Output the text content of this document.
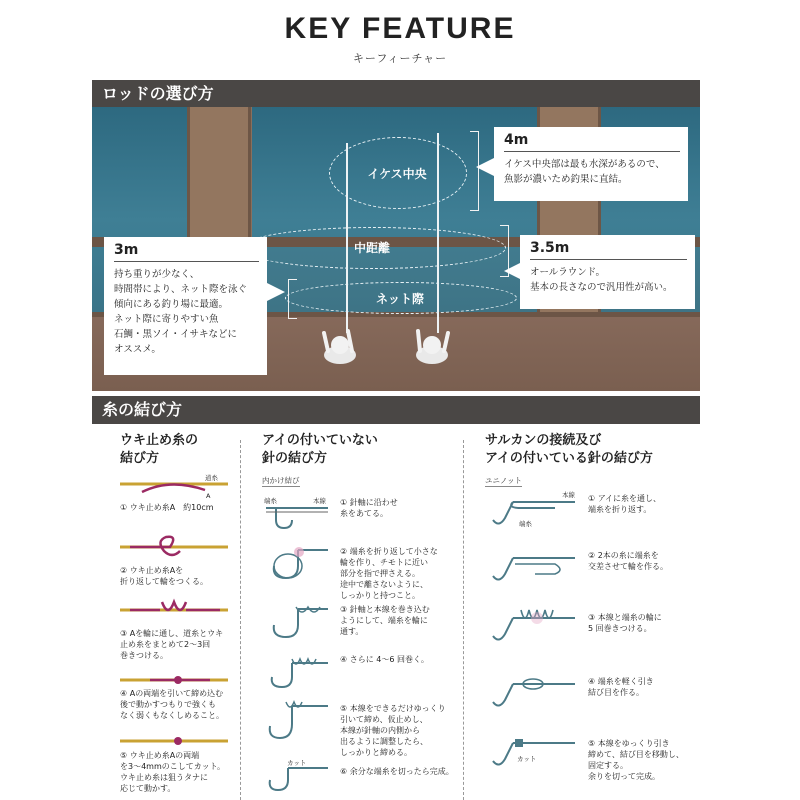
KEY FEATURE
キーフィーチャー
ロッドの選び方
イケス中央
中距離
ネット際
4m
イケス中央部は最も水深があるので、
魚影が濃いため釣果に直結。
3.5m
オールラウンド。
基本の長さなので汎用性が高い。
3m
持ち重りが少なく、
時間帯により、ネット際を泳ぐ
傾向にある釣り場に最適。
ネット際に寄りやすい魚
石鯛・黒ソイ・イサキなどに
オススメ。
糸の結び方
ウキ止め糸の
結び方
道糸
A
① ウキ止め糸A　約10cm
② ウキ止め糸Aを
折り返して輪をつくる。
③ Aを輪に通し、道糸とウキ
止め糸をまとめて2～3回
巻きつける。
④ Aの両端を引いて締め込む
後で動かすつもりで強くも
なく弱くもなくしめること。
⑤ ウキ止め糸Aの両端
を3～4mmのこしてカット。
ウキ止め糸は狙うタナに
応じて動かす。
アイの付いていない
針の結び方
内かけ結び
端糸	本線 ① 針軸に沿わせ
糸をあてる。
② 端糸を折り返して小さな
輪を作り、チモトに近い
部分を指で押さえる。
途中で離さないように、
しっかりと持つこと。
③ 針軸と本線を巻き込む
ようにして、端糸を輪に
通す。
④ さらに 4～6 回巻く。
⑤ 本線をできるだけゆっくり
引いて締め、仮止めし、
本線が針軸の内側から
出るように調整したら、
しっかりと締める。
カット
⑥ 余分な端糸を切ったら完成。
サルカンの接続及び
アイの付いている針の結び方
ユニノット
本線
端糸
① アイに糸を通し、
端糸を折り返す。
② 2本の糸に端糸を
交差させて輪を作る。
③ 本線と端糸の輪に
5 回巻きつける。
④ 端糸を軽く引き
結び目を作る。
カット
⑤ 本線をゆっくり引き
締めて、結び目を移動し、
固定する。
余りを切って完成。
